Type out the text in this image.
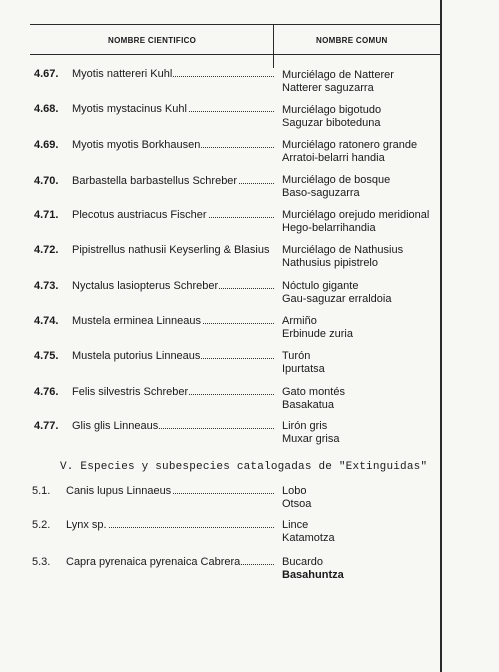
NOMBRE CIENTIFICO	NOMBRE COMUN
4.67. Myotis nattereri Kuhl	Murciélago de Natterer
Natterer saguzarra
4.68. Myotis mystacinus Kuhl	Murciélago bigotudo
Saguzar biboteduna
4.69. Myotis myotis Borkhausen	Murciélago ratonero grande
Arratoi-belarri handia
4.70. Barbastella barbastellus Schreber	Murciélago de bosque
Baso-saguzarra
4.71. Plecotus austriacus Fischer	Murciélago orejudo meridional
Hego-belarrihandia
4.72. Pipistrellus nathusii Keyserling & Blasius	Murciélago de Nathusius
Nathusius pipistrelo
4.73. Nyctalus lasiopterus Schreber	Nóctulo gigante
Gau-saguzar erraldoia
4.74. Mustela erminea Linneaus	Armiño
Erbinude zuria
4.75. Mustela putorius Linneaus	Turón
Ipurtatsa
4.76. Felis silvestris Schreber	Gato montés
Basakatua
4.77. Glis glis Linneaus	Lirón gris
Muxar grisa
V. Especies y subespecies catalogadas de "Extinguidas"
5.1. Canis lupus Linnaeus	Lobo
Otsoa
5.2. Lynx sp.	Lince
Katamotza
5.3. Capra pyrenaica pyrenaica Cabrera	Bucardo
Basahuntza
